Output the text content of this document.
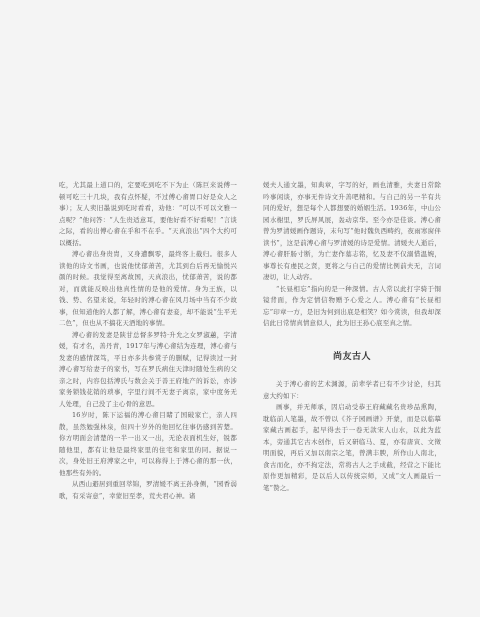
吃，尤其最上道口的，定要吃到吃不下为止（陈巨来说傅一顿可吃三十几块，我有点怀疑，不过傅心畬胃口好是众人之事）；友人卖旧墨说到吃时看看，劝他：“可以不可以文雅一点呢？”他问答：“人生贵适意耳，要他好看不好看呢！”言谈之际，看的出傅心畬在乎和不在乎。“天真浪出”四个大约可以概括。

溥心畬出身贵胄，又身遭飘零，最终客上截归。很多人读他的诗文书画，也说他忧郁萧苦，尤其到台后再无愉悦兴颜的时候。我觉得至离故国，天真浪出，忧郁萧苦，说的都对，而就能反映出他真性情的是他的爱情。身为王族，以钱、势、名望来说，年轻时的溥心畬在风月场中当有不少故事，但知道他的人都了解，溥心畬有妻妾，却不能说“生平无二色”，但也从不搞花天酒地的事情。

溥心畬的发妻是陕甘总督多罗特·升允之女罗淑蕙，字清媛，有才名，善丹青，1917年与溥心畬结为连理，溥心畬与发妻的感情深笃，平日亦多共参赏子的删赋，记得读过一封溥心畬写给妻子的家书，写在罗氏病住天津时随处生病的父亲之时，内容包括溥氏与数会关于善王府地产的诉讼，亦涉家务锁钱花销的琐事，字里行间不无妻子离京，家中度务无人处理，自己没了主心骨的意思。

16岁时，陈下运福的溥心畬目睹了国破家亡，亲人四散，虽然勉强林泉，但四十岁外的他回忆往事仍感到苦楚。你方明面会清楚的一半一出又一出，无论表面机生好，锐都随他里，都有让他是最终家里的住宅和家里的同。据说一次，身处旧王府溥家之中，可以称得上于溥心畬的那一伙，他那些有外的。

从西山避居到重回萃锦，罗清媛不离王孙身侧，“园香弱歌，有采寄意”，幸蒙旧至孝，荒夫君心神。诸

媛夫人通文墨，知典章，字写的好，画也清雅，夫妻日常除吟事闲谈，亦事无件诗文升善吧精和。与自己的另一半有共同的爱好，想是每个人都想要的婚姻生活。1936年，中山公园水榭里，罗氏屏风展，轰动京华。至今亦是佳谈。溥心畬曾为罗清媛画作题诗，末句写“他时魏负西畴约，夜雨寒窗伴读书”，这是前溥心畬与罗清媛的诗是爱情。清媛夫人逝后，溥心畬肝肠寸断，为亡妻作墓志铭，忆及妻不仅溺惜温婉，事尊长有虔民之贤，更将之与自己的爱情比例前夫无，言词凄切，让人动容。

“长昼相忘”指向的是一种深情。古人常以此打字骑于铜镜背面，作为定情信物赠予心爱之人。溥心畬有“长昼相忘”印章一方，是旧为何到出底是相笑？如今赏读，但我却深信此日常情真情意似人，此为旧王孙心底至真之情。

尚友古人

关于溥心畬的艺术渊源，前辈学者已有不少讨论，归其意大约如下：

画事，并无师承，因启动受恭王府藏藏名贵珍品熏陶，耽临前人笔墨，故不曾以《芥子园画谱》开蒙，而是以临摹家藏古画起手，起早得去于一卷无款宋人山水，以此为蓝本，旁通其它古木创作，后又研临马、夏，亦有唐寅、文徵明面貌，再后又加以南宗之笔，曾满丰腴，所作山人南北，食古而化，亦不拘定法，常将古人之手成截，经营之下能比原作更加精彩，是以后人以传统宗师，又成“文人画最后一笔”赞之。
